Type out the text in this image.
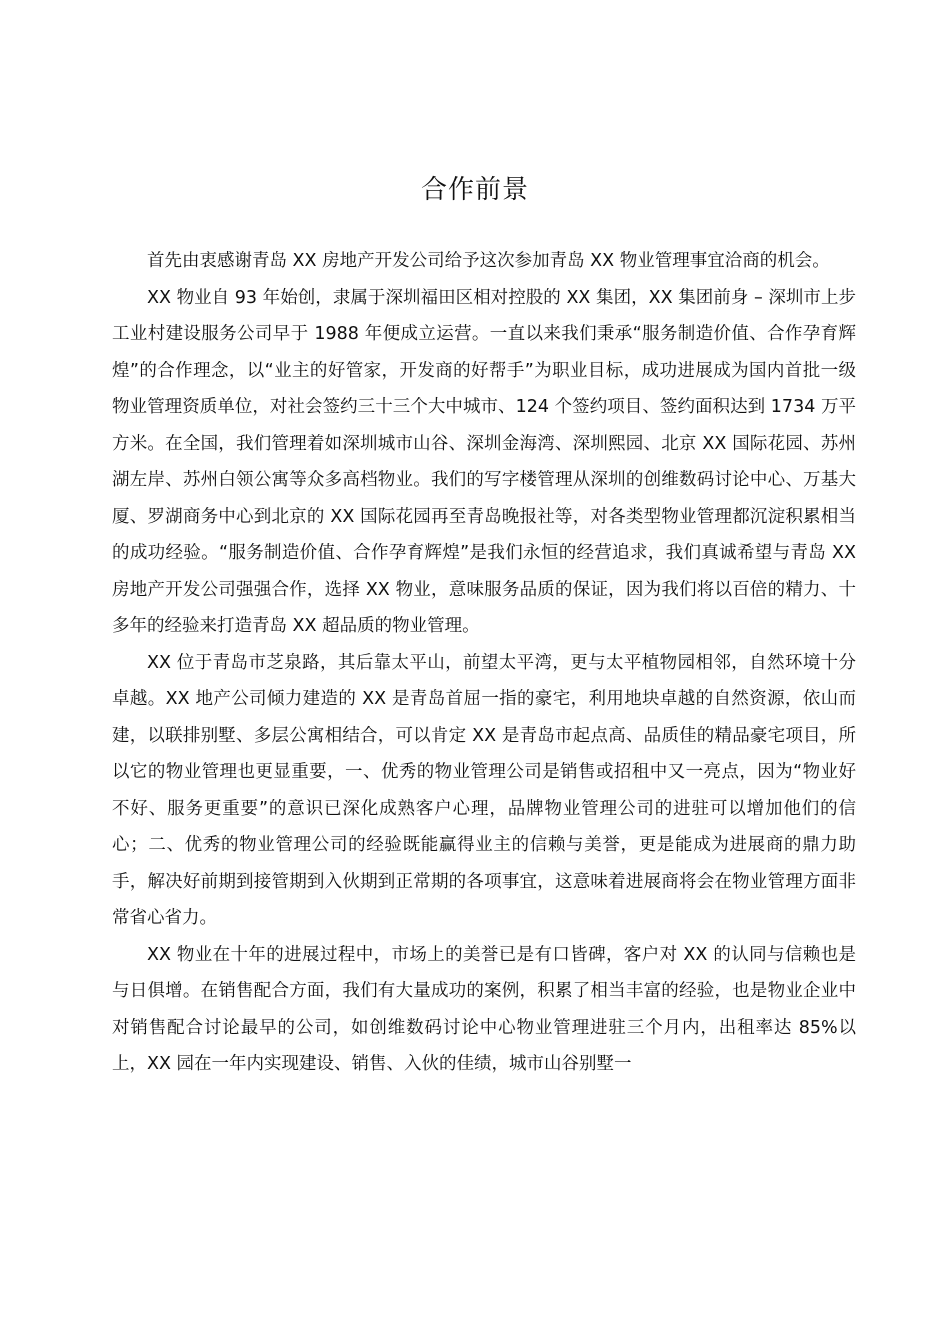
合作前景

首先由衷感谢青岛 XX 房地产开发公司给予这次参加青岛 XX 物业管理事宜洽商的机会。

XX 物业自 93 年始创，隶属于深圳福田区相对控股的 XX 集团，XX 集团前身 – 深圳市上步工业村建设服务公司早于 1988 年便成立运营。一直以来我们秉承“服务制造价值、合作孕育辉煌”的合作理念，以“业主的好管家，开发商的好帮手”为职业目标，成功进展成为国内首批一级物业管理资质单位，对社会签约三十三个大中城市、124 个签约项目、签约面积达到 1734 万平方米。在全国，我们管理着如深圳城市山谷、深圳金海湾、深圳熙园、北京 XX 国际花园、苏州湖左岸、苏州白领公寓等众多高档物业。我们的写字楼管理从深圳的创维数码讨论中心、万基大厦、罗湖商务中心到北京的 XX 国际花园再至青岛晚报社等，对各类型物业管理都沉淀积累相当的成功经验。“服务制造价值、合作孕育辉煌”是我们永恒的经营追求，我们真诚希望与青岛 XX 房地产开发公司强强合作，选择 XX 物业，意味服务品质的保证，因为我们将以百倍的精力、十多年的经验来打造青岛 XX 超品质的物业管理。

XX 位于青岛市芝泉路，其后靠太平山，前望太平湾，更与太平植物园相邻，自然环境十分卓越。XX 地产公司倾力建造的 XX 是青岛首屈一指的豪宅，利用地块卓越的自然资源，依山而建，以联排别墅、多层公寓相结合，可以肯定 XX 是青岛市起点高、品质佳的精品豪宅项目，所以它的物业管理也更显重要，一、优秀的物业管理公司是销售或招租中又一亮点，因为“物业好不好、服务更重要”的意识已深化成熟客户心理，品牌物业管理公司的进驻可以增加他们的信心；二、优秀的物业管理公司的经验既能赢得业主的信赖与美誉，更是能成为进展商的鼎力助手，解决好前期到接管期到入伙期到正常期的各项事宜，这意味着进展商将会在物业管理方面非常省心省力。

XX 物业在十年的进展过程中，市场上的美誉已是有口皆碑，客户对 XX 的认同与信赖也是与日俱增。在销售配合方面，我们有大量成功的案例，积累了相当丰富的经验，也是物业企业中对销售配合讨论最早的公司，如创维数码讨论中心物业管理进驻三个月内，出租率达 85%以上，XX 园在一年内实现建设、销售、入伙的佳绩，城市山谷别墅一
